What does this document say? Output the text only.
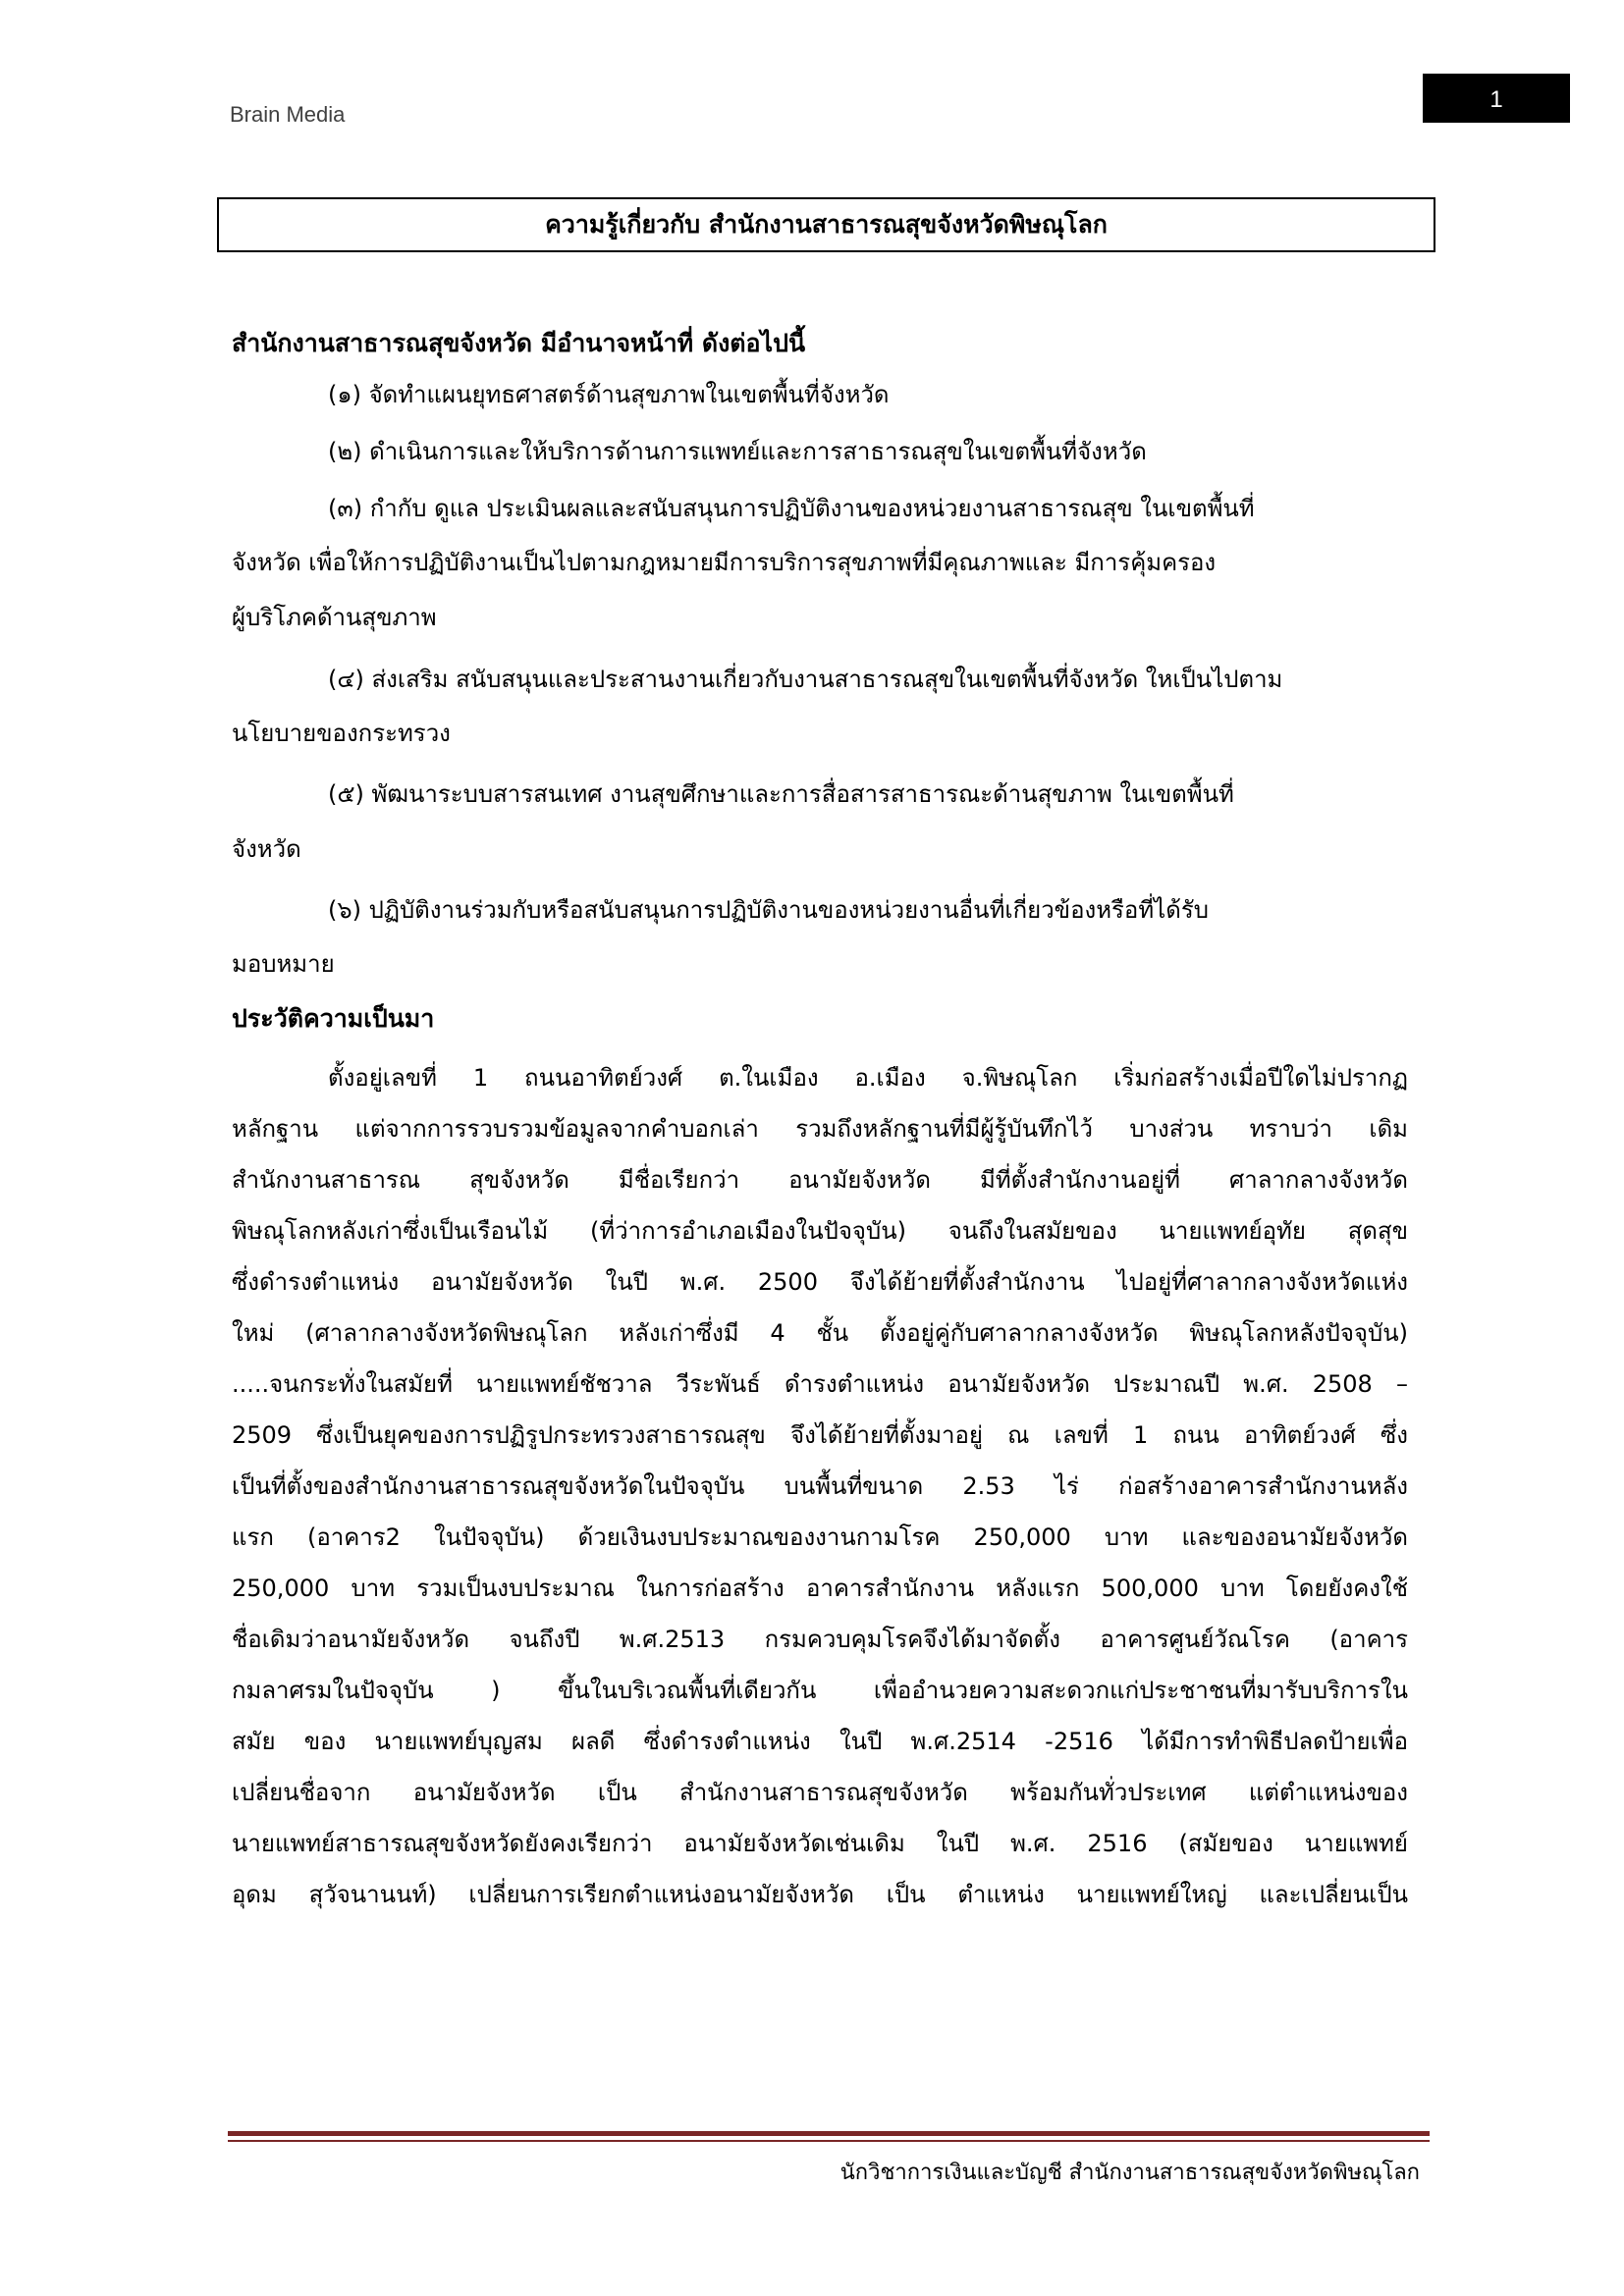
Brain Media
1
ความรู้เกี่ยวกับ สำนักงานสาธารณสุขจังหวัดพิษณุโลก
สำนักงานสาธารณสุขจังหวัด มีอำนาจหน้าที่ ดังต่อไปนี้
(๑) จัดทำแผนยุทธศาสตร์ด้านสุขภาพในเขตพื้นที่จังหวัด
(๒) ดำเนินการและให้บริการด้านการแพทย์และการสาธารณสุขในเขตพื้นที่จังหวัด
(๓) กำกับ ดูแล ประเมินผลและสนับสนุนการปฏิบัติงานของหน่วยงานสาธารณสุข ในเขตพื้นที่
จังหวัด เพื่อให้การปฏิบัติงานเป็นไปตามกฎหมายมีการบริการสุขภาพที่มีคุณภาพและ มีการคุ้มครอง
ผู้บริโภคด้านสุขภาพ
(๔) ส่งเสริม สนับสนุนและประสานงานเกี่ยวกับงานสาธารณสุขในเขตพื้นที่จังหวัด ใหเป็นไปตาม
นโยบายของกระทรวง
(๕) พัฒนาระบบสารสนเทศ งานสุขศึกษาและการสื่อสารสาธารณะด้านสุขภาพ ในเขตพื้นที่
จังหวัด
(๖) ปฏิบัติงานร่วมกับหรือสนับสนุนการปฏิบัติงานของหน่วยงานอื่นที่เกี่ยวข้องหรือที่ได้รับ
มอบหมาย
ประวัติความเป็นมา
ตั้งอยู่เลขที่ 1 ถนนอาทิตย์วงศ์ ต.ในเมือง อ.เมือง จ.พิษณุโลก เริ่มก่อสร้างเมื่อปีใดไม่ปรากฏ
หลักฐาน แต่จากการรวบรวมข้อมูลจากคำบอกเล่า รวมถึงหลักฐานที่มีผู้รู้บันทึกไว้ บางส่วน ทราบว่า เดิม
สำนักงานสาธารณ สุขจังหวัด มีชื่อเรียกว่า อนามัยจังหวัด มีที่ตั้งสำนักงานอยู่ที่ ศาลากลางจังหวัด
พิษณุโลกหลังเก่าซึ่งเป็นเรือนไม้ (ที่ว่าการอำเภอเมืองในปัจจุบัน) จนถึงในสมัยของ นายแพทย์อุทัย สุดสุข
ซึ่งดำรงตำแหน่ง อนามัยจังหวัด ในปี พ.ศ. 2500 จึงได้ย้ายที่ตั้งสำนักงาน ไปอยู่ที่ศาลากลางจังหวัดแห่ง
ใหม่ (ศาลากลางจังหวัดพิษณุโลก หลังเก่าซึ่งมี 4 ชั้น ตั้งอยู่คู่กับศาลากลางจังหวัด พิษณุโลกหลังปัจจุบัน)
.....จนกระทั่งในสมัยที่ นายแพทย์ชัชวาล วีระพันธ์ ดำรงตำแหน่ง อนามัยจังหวัด ประมาณปี พ.ศ. 2508 –
2509 ซึ่งเป็นยุคของการปฏิรูปกระทรวงสาธารณสุข จึงได้ย้ายที่ตั้งมาอยู่ ณ เลขที่ 1 ถนน อาทิตย์วงศ์ ซึ่ง
เป็นที่ตั้งของสำนักงานสาธารณสุขจังหวัดในปัจจุบัน บนพื้นที่ขนาด 2.53 ไร่ ก่อสร้างอาคารสำนักงานหลัง
แรก (อาคาร2 ในปัจจุบัน) ด้วยเงินงบประมาณของงานกามโรค 250,000 บาท และของอนามัยจังหวัด
250,000 บาท รวมเป็นงบประมาณ ในการก่อสร้าง อาคารสำนักงาน หลังแรก 500,000 บาท โดยยังคงใช้
ชื่อเดิมว่าอนามัยจังหวัด จนถึงปี พ.ศ.2513 กรมควบคุมโรคจึงได้มาจัดตั้ง อาคารศูนย์วัณโรค (อาคาร
กมลาศรมในปัจจุบัน ) ขึ้นในบริเวณพื้นที่เดียวกัน เพื่ออำนวยความสะดวกแก่ประชาชนที่มารับบริการใน
สมัย ของ นายแพทย์บุญสม ผลดี ซึ่งดำรงตำแหน่ง ในปี พ.ศ.2514 -2516 ได้มีการทำพิธีปลดป้ายเพื่อ
เปลี่ยนชื่อจาก อนามัยจังหวัด เป็น สำนักงานสาธารณสุขจังหวัด พร้อมกันทั่วประเทศ แต่ตำแหน่งของ
นายแพทย์สาธารณสุขจังหวัดยังคงเรียกว่า อนามัยจังหวัดเช่นเดิม ในปี พ.ศ. 2516 (สมัยของ นายแพทย์
อุดม สุวัจนานนท์) เปลี่ยนการเรียกตำแหน่งอนามัยจังหวัด เป็น ตำแหน่ง นายแพทย์ใหญ่ และเปลี่ยนเป็น
นักวิชาการเงินและบัญชี สำนักงานสาธารณสุขจังหวัดพิษณุโลก
